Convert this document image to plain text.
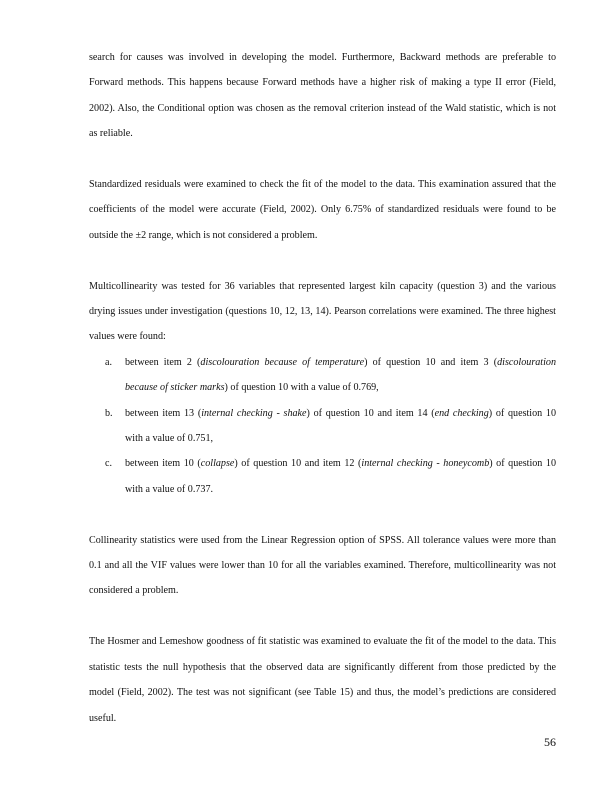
search for causes was involved in developing the model. Furthermore, Backward methods are preferable to Forward methods. This happens because Forward methods have a higher risk of making a type II error (Field, 2002). Also, the Conditional option was chosen as the removal criterion instead of the Wald statistic, which is not as reliable.

Standardized residuals were examined to check the fit of the model to the data. This examination assured that the coefficients of the model were accurate (Field, 2002). Only 6.75% of standardized residuals were found to be outside the ±2 range, which is not considered a problem.

Multicollinearity was tested for 36 variables that represented largest kiln capacity (question 3) and the various drying issues under investigation (questions 10, 12, 13, 14). Pearson correlations were examined. The three highest values were found:

a. between item 2 (discolouration because of temperature) of question 10 and item 3 (discolouration because of sticker marks) of question 10 with a value of 0.769,
b. between item 13 (internal checking - shake) of question 10 and item 14 (end checking) of question 10 with a value of 0.751,
c. between item 10 (collapse) of question 10 and item 12 (internal checking - honeycomb) of question 10 with a value of 0.737.

Collinearity statistics were used from the Linear Regression option of SPSS. All tolerance values were more than 0.1 and all the VIF values were lower than 10 for all the variables examined. Therefore, multicollinearity was not considered a problem.

The Hosmer and Lemeshow goodness of fit statistic was examined to evaluate the fit of the model to the data. This statistic tests the null hypothesis that the observed data are significantly different from those predicted by the model (Field, 2002). The test was not significant (see Table 15) and thus, the model’s predictions are considered useful.

56
